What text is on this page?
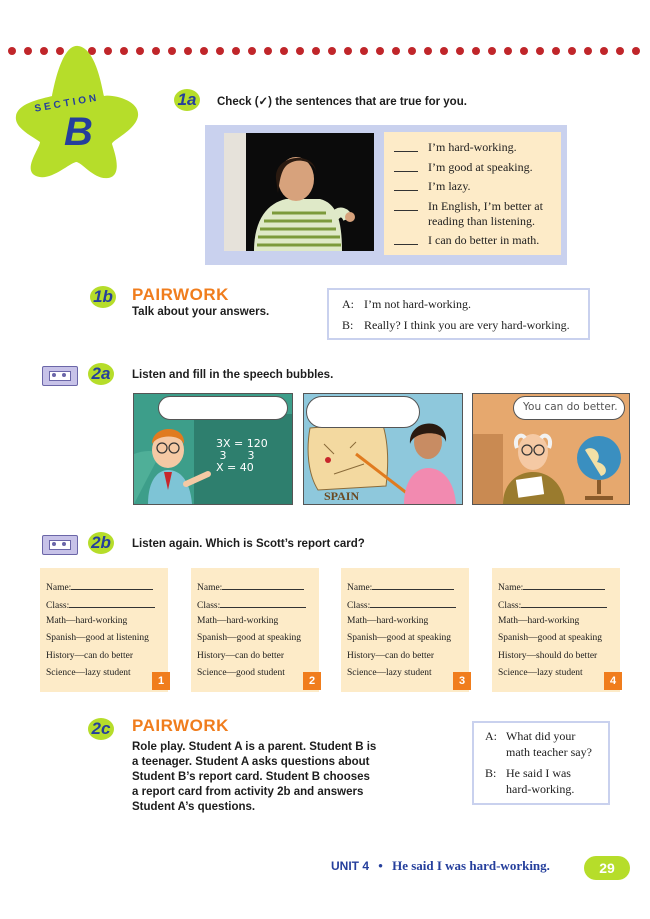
SECTION
B
1a	Check (✓) the sentences that are true for you.
I’m hard-working.
I’m good at speaking.
I’m lazy.
In English, I’m better at reading than listening.
I can do better in math.
1b PAIRWORK
Talk about your answers.
A: I’m not hard-working.
B: Really? I think you are very hard-working.
2a	Listen and fill in the speech bubbles.
3X = 120
3 3
X = 40
SPAIN
You can do better.
2b	Listen again. Which is Scott’s report card?
Name:
Class:
Math—hard-working
Spanish—good at listening
History—can do better
Science—lazy student
1
Name:
Class:
Math—hard-working
Spanish—good at speaking
History—can do better
Science—good student
2
Name:
Class:
Math—hard-working
Spanish—good at speaking
History—can do better
Science—lazy student
3
Name:
Class:
Math—hard-working
Spanish—good at speaking
History—should do better
Science—lazy student
4
2c	PAIRWORK
Role play. Student A is a parent. Student B is
a teenager. Student A asks questions about
Student B’s report card. Student B chooses
a report card from activity 2b and answers
Student A’s questions.
A: What did your
math teacher say?
B: He said I was
hard-working.
UNIT 4 • He said I was hard-working.	29
